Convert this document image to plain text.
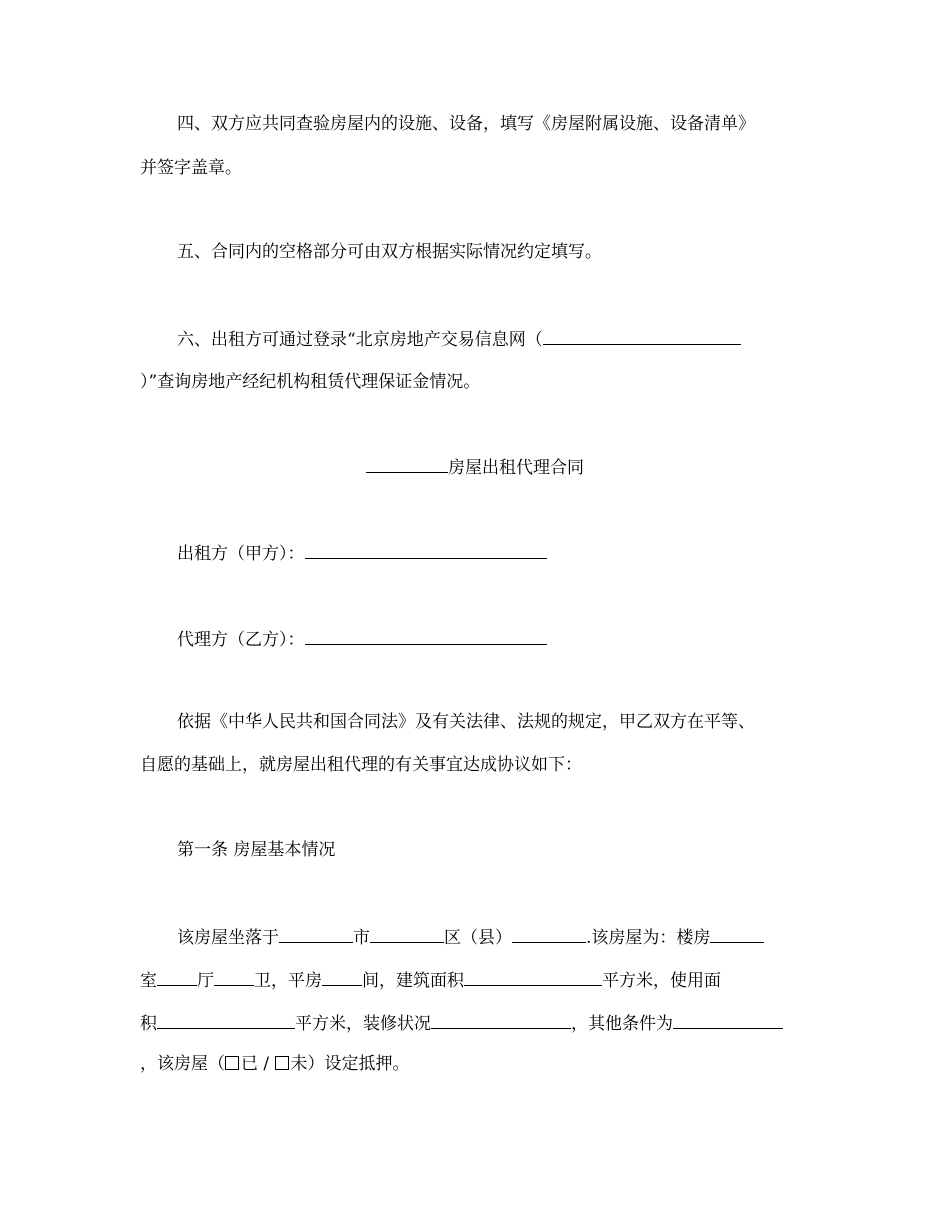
四、双方应共同查验房屋内的设施、设备，填写《房屋附属设施、设备清单》
并签字盖章。
五、合同内的空格部分可由双方根据实际情况约定填写。
六、出租方可通过登录“北京房地产交易信息网（
）”查询房地产经纪机构租赁代理保证金情况。
房屋出租代理合同
出租方（甲方）：
代理方（乙方）：
依据《中华人民共和国合同法》及有关法律、法规的规定，甲乙双方在平等、
自愿的基础上，就房屋出租代理的有关事宜达成协议如下：
第一条 房屋基本情况
该房屋坐落于	市	区（县）	.该房屋为：楼房
室 厅 卫，平房 间，建筑面积	平方米，使用面
积	平方米，装修状况	，其他条件为
，该房屋（ 已 / 未）设定抵押。
